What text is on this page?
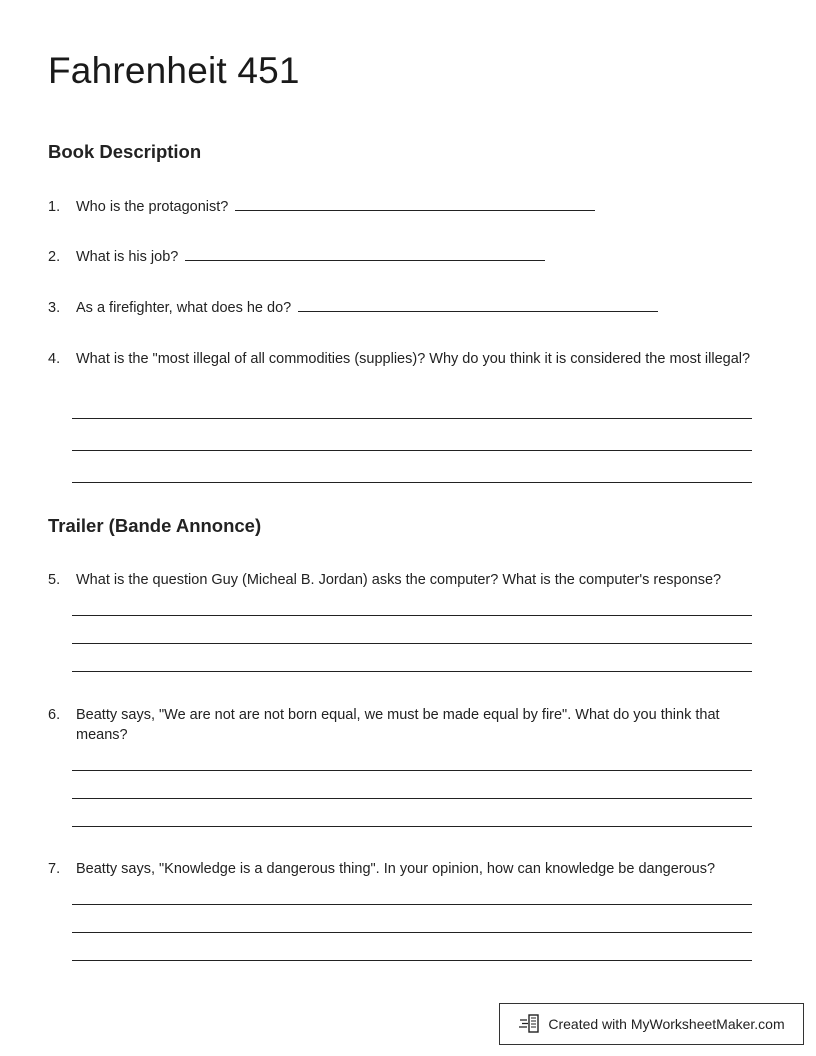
Fahrenheit 451
Book Description
1.	Who is the protagonist?
2.	What is his job?
3.	As a firefighter, what does he do?
4.	What is the "most illegal of all commodities (supplies)? Why do you think it is considered the most illegal?
Trailer (Bande Annonce)
5.	What is the question Guy (Micheal B. Jordan) asks the computer? What is the computer's response?
6.	Beatty says, "We are not are not born equal, we must be made equal by fire". What do you think that means?
7.	Beatty says, "Knowledge is a dangerous thing". In your opinion, how can knowledge be dangerous?
Created with MyWorksheetMaker.com
